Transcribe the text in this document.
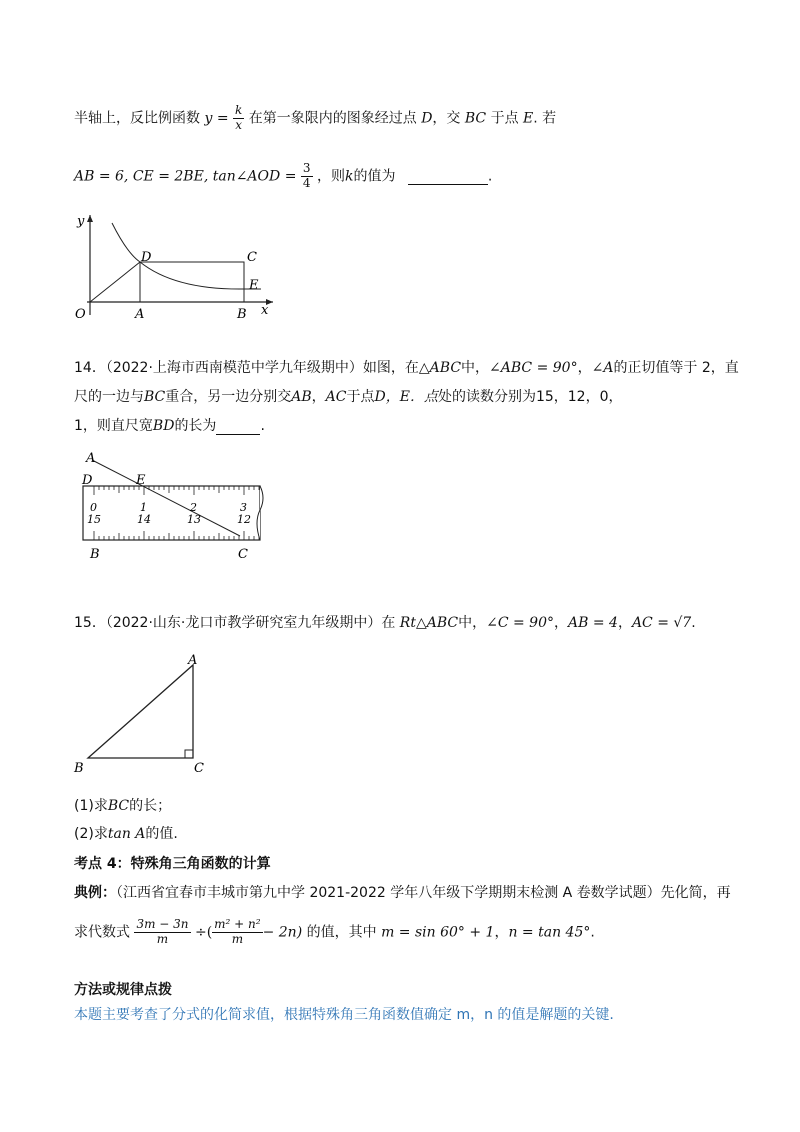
半轴上，反比例函数 $y = \frac{k}{x}$ 在第一象限内的图象经过点 D，交 BC 于点 E. 若
AB = 6, CE = 2BE, tan∠AOD = $\frac{3}{4}$ ，则k的值为	.
y
x
O	A	B
C
D
E
14．（2022·上海市西南模范中学九年级期中）如图，在△ABC中，∠ABC = 90°，∠A的正切值等于 2，直
尺的一边与BC重合，另一边分别交AB，AC于点D，E．点处的读数分别为15，12，0，
1，则直尺宽BD的长为	.
A
D	E
B	C
0	1	2	3
15	14	13	12
15．（2022·山东·龙口市教学研究室九年级期中）在 Rt△ABC中，∠C = 90°，AB = 4，AC = √7.
A
B	C
(1)求BC的长；
(2)求tan A的值.
考点 4：特殊角三角函数的计算
典例：（江西省宜春市丰城市第九中学 2021-2022 学年八年级下学期期末检测 A 卷数学试题）先化简，再
求代数式 $\frac{3m - 3n}{m}$ ÷( $\frac{\text{m² + n²}}{m} - 2n$) 的值，其中 m = sin 60° + 1，n = tan 45°.
方法或规律点拨
本题主要考查了分式的化简求值，根据特殊角三角函数值确定 m，n 的值是解题的关键.
